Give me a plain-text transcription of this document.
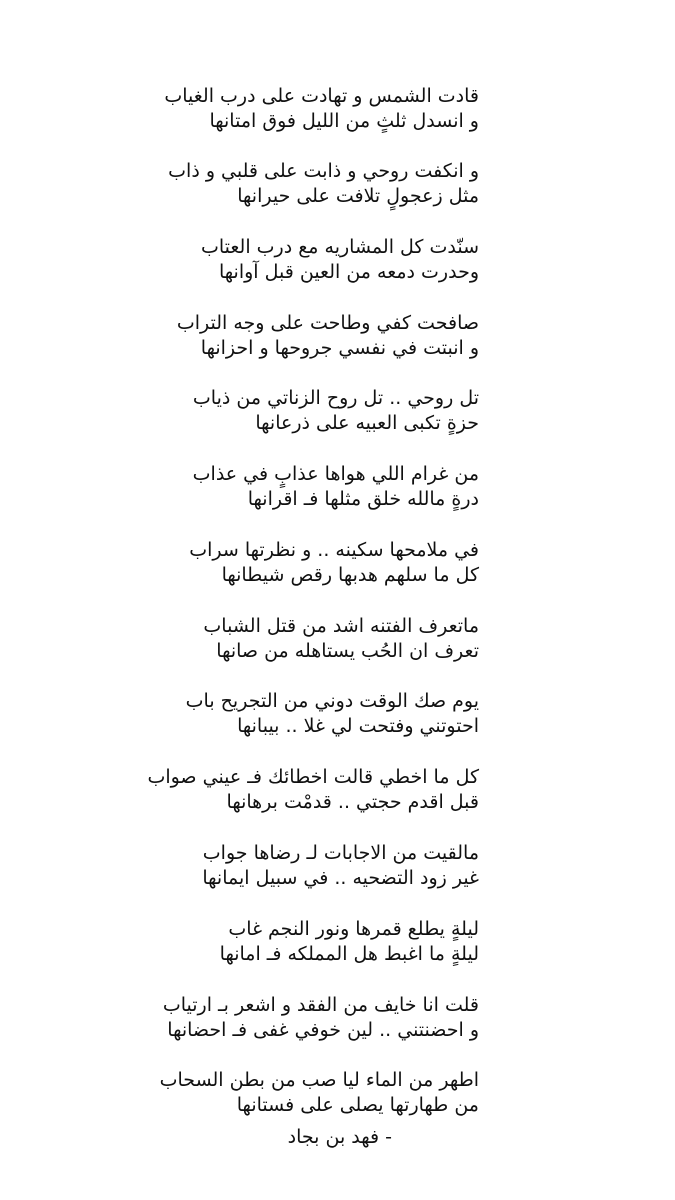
قادت الشمس و تهادت على درب الغياب
و انسدل ثلثٍ من الليل فوق امتانها
و انكفت روحي و ذابت على قلبي و ذاب
مثل زعجولٍ تلافت على حيرانها
سنّدت كل المشاريه مع درب العتاب
وحدرت دمعه من العين قبل آوانها
صافحت كفي وطاحت على وجه التراب
و انبتت في نفسي جروحها و احزانها
تل روحي .. تل روح الزناتي من ذياب
حزةٍ تكبى العبيه على ذرعانها
من غرام اللي هواها عذابٍ في عذاب
درةٍ مالله خلق مثلها فـ اقرانها
في ملامحها سكينه .. و نظرتها سراب
كل ما سلهم هدبها رقص شيطانها
ماتعرف الفتنه اشد من قتل الشباب
تعرف ان الحُب يستاهله من صانها
يوم صك الوقت دوني من التجريح باب
احتوتني وفتحت لي غلا .. بيبانها
كل ما اخطي قالت اخطائك فـ عيني صواب
قبل اقدم حجتي .. قدمْت برهانها
مالقيت من الاجابات لـ رضاها جواب
غير زود التضحيه .. في سبيل ايمانها
ليلةٍ يطلع قمرها ونور النجم غاب
ليلةٍ ما اغبط هل المملكه فـ امانها
قلت انا خايف من الفقد و اشعر بـ ارتياب
و احضنتني .. لين خوفي غفى فـ احضانها
اطهر من الماء ليا صب من بطن السحاب
من طهارتها يصلى على فستانها
- فهد بن بجاد
